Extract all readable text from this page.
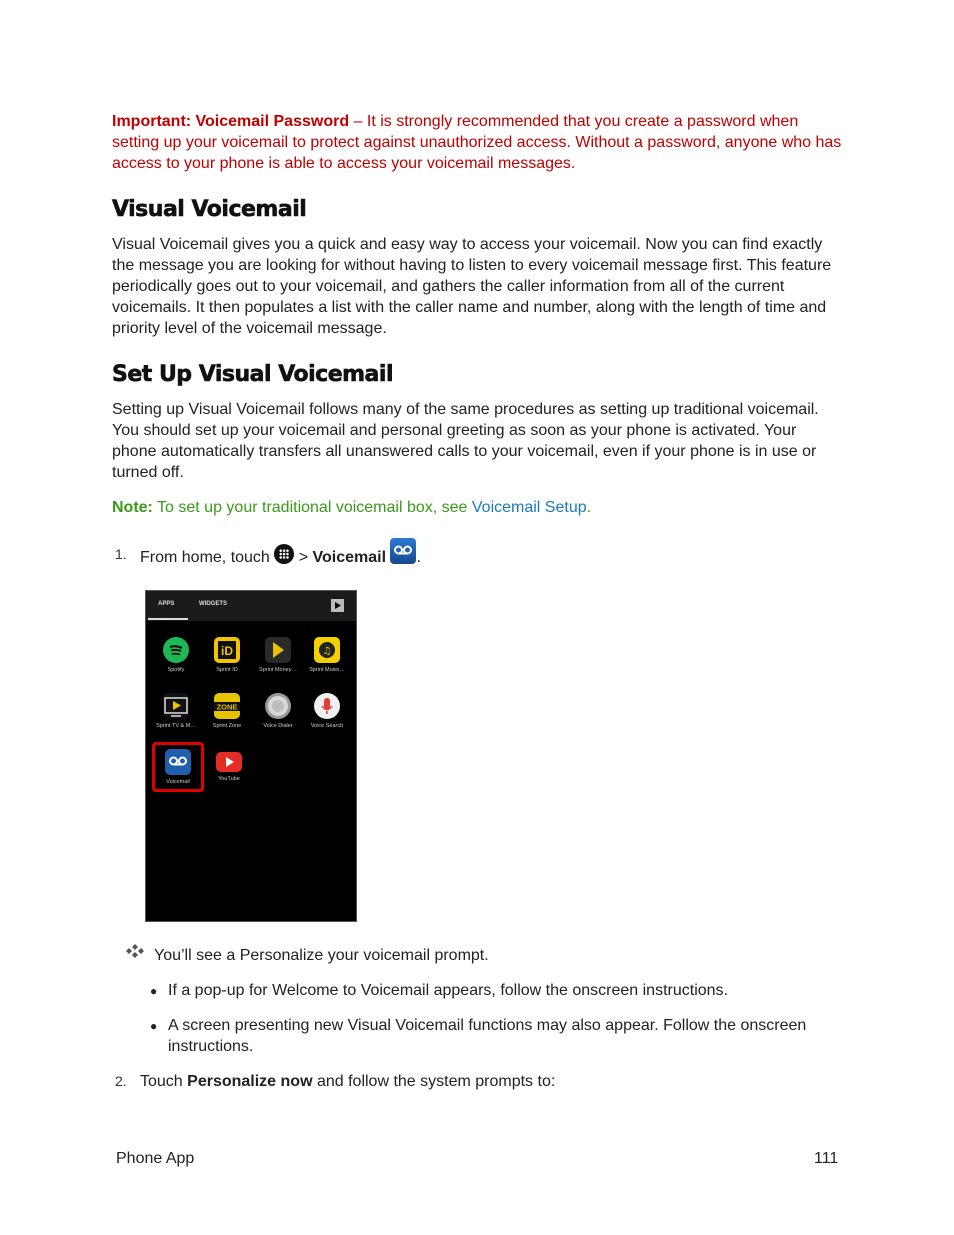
Important: Voicemail Password – It is strongly recommended that you create a password when setting up your voicemail to protect against unauthorized access. Without a password, anyone who has access to your phone is able to access your voicemail messages.
Visual Voicemail
Visual Voicemail gives you a quick and easy way to access your voicemail. Now you can find exactly the message you are looking for without having to listen to every voicemail message first. This feature periodically goes out to your voicemail, and gathers the caller information from all of the current voicemails. It then populates a list with the caller name and number, along with the length of time and priority level of the voicemail message.
Set Up Visual Voicemail
Setting up Visual Voicemail follows many of the same procedures as setting up traditional voicemail. You should set up your voicemail and personal greeting as soon as your phone is activated. Your phone automatically transfers all unanswered calls to your voicemail, even if your phone is in use or turned off.
Note: To set up your traditional voicemail box, see Voicemail Setup.
1. From home, touch  > Voicemail .
APPS	WIDGETS
Spotify
iD
Sprint ID	Sprint Money…
♫
Sprint Music…
Sprint TV & M…
ZONE
Sprint Zone	Voice Dialer	Voice Search
Voicemail	YouTube
You’ll see a Personalize your voicemail prompt.
● If a pop-up for Welcome to Voicemail appears, follow the onscreen instructions.
● A screen presenting new Visual Voicemail functions may also appear. Follow the onscreen instructions.
2. Touch Personalize now and follow the system prompts to:
Phone App	111
